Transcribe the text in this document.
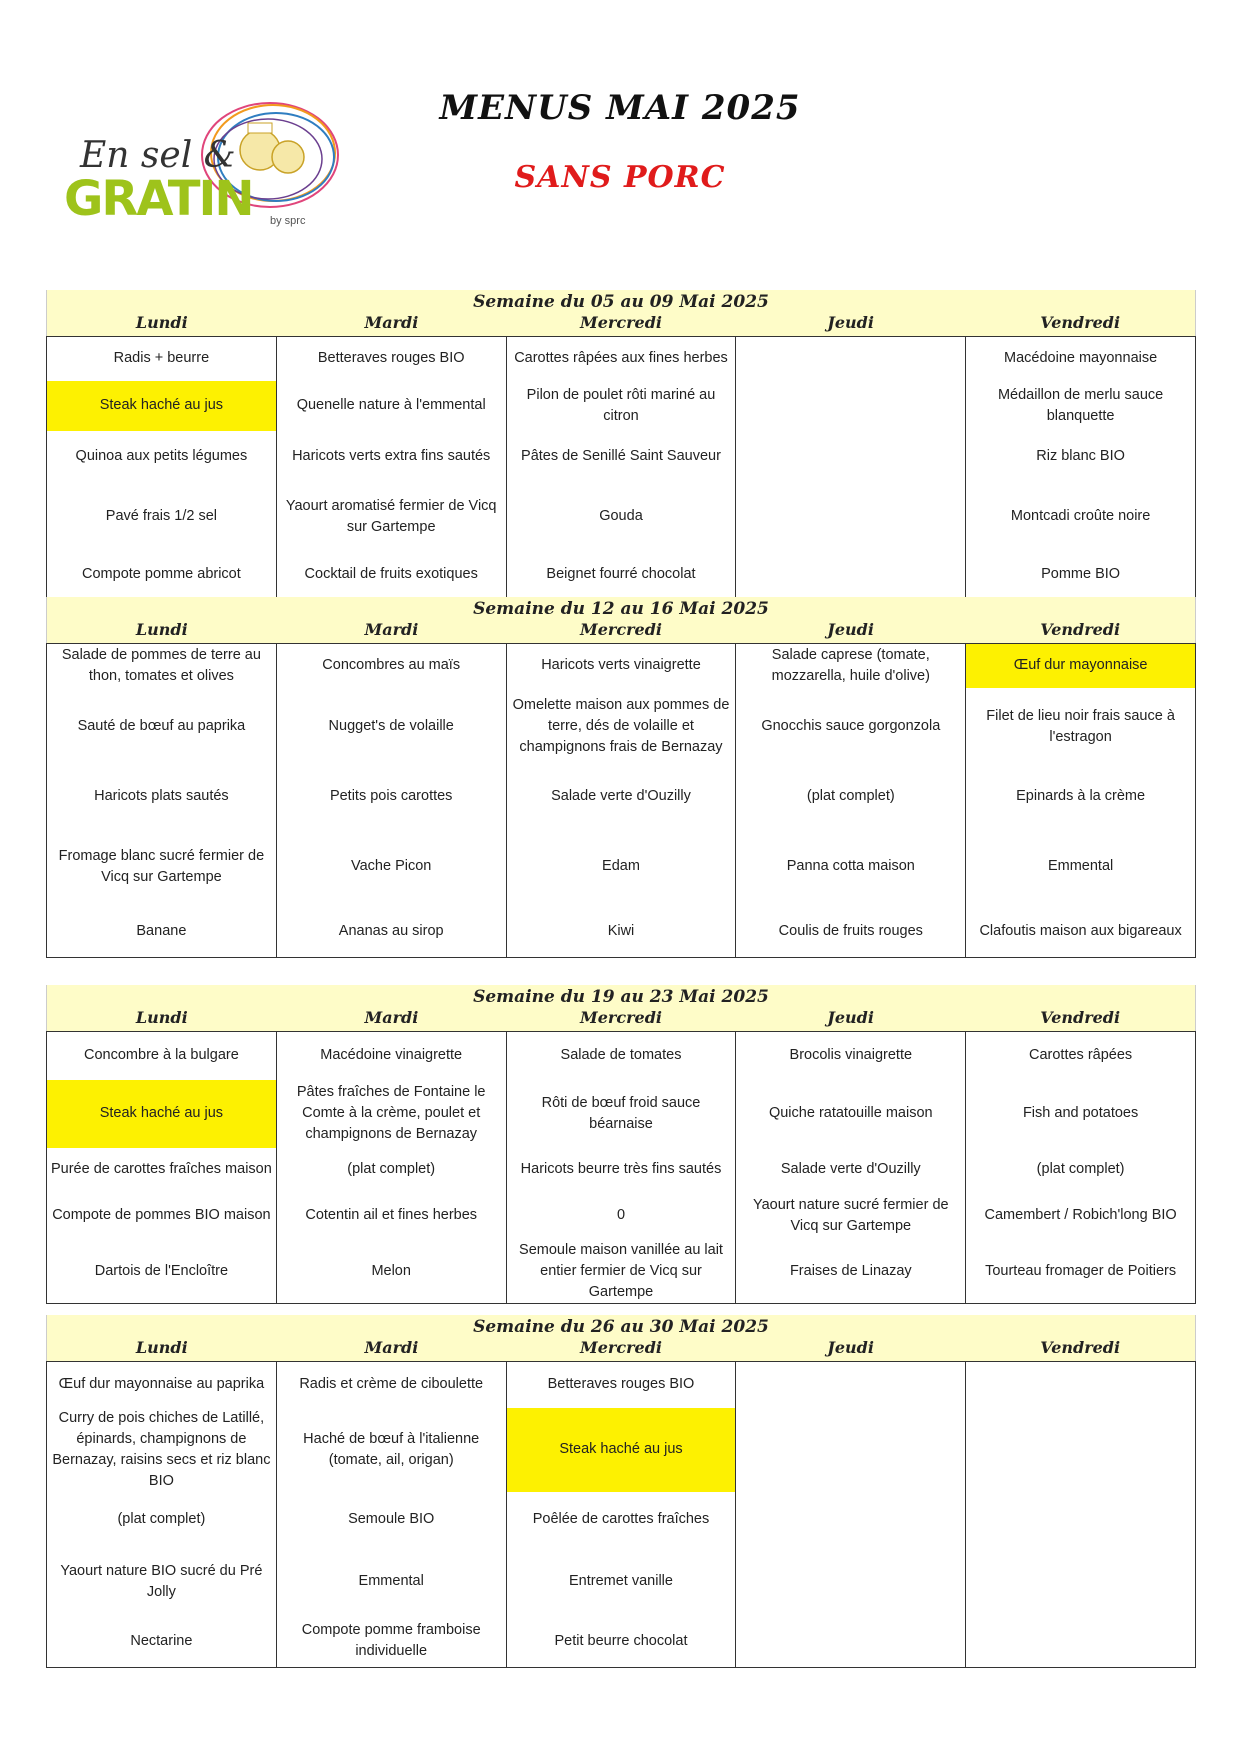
En sel &
GRATIN by sprc
MENUS MAI 2025
SANS PORC
Semaine du 05 au 09 Mai 2025
Lundi	Mardi	Mercredi	Jeudi	Vendredi
Radis + beurre	Betteraves rouges BIO	Carottes râpées aux fines herbes		Macédoine mayonnaise
Steak haché au jus	Quenelle nature à l'emmental	Pilon de poulet rôti mariné au citron		Médaillon de merlu sauce blanquette
Quinoa aux petits légumes	Haricots verts extra fins sautés	Pâtes de Senillé Saint Sauveur		Riz blanc BIO
Pavé frais 1/2 sel	Yaourt aromatisé fermier de Vicq sur Gartempe	Gouda		Montcadi croûte noire
Compote pomme abricot	Cocktail de fruits exotiques	Beignet fourré chocolat		Pomme BIO
Semaine du 12 au 16 Mai 2025
Lundi	Mardi	Mercredi	Jeudi	Vendredi
Salade de pommes de terre au thon, tomates et olives	Concombres au maïs	Haricots verts vinaigrette	Salade caprese (tomate, mozzarella, huile d'olive)	Œuf dur mayonnaise
Sauté de bœuf au paprika	Nugget's de volaille	Omelette maison aux pommes de terre, dés de volaille et champignons frais de Bernazay	Gnocchis sauce gorgonzola	Filet de lieu noir frais sauce à l'estragon
Haricots plats sautés	Petits pois carottes	Salade verte d'Ouzilly	(plat complet)	Epinards à la crème
Fromage blanc sucré fermier de Vicq sur Gartempe	Vache Picon	Edam	Panna cotta maison	Emmental
Banane	Ananas au sirop	Kiwi	Coulis de fruits rouges	Clafoutis maison aux bigareaux
Semaine du 19 au 23 Mai 2025
Lundi	Mardi	Mercredi	Jeudi	Vendredi
Concombre à la bulgare	Macédoine vinaigrette	Salade de tomates	Brocolis vinaigrette	Carottes râpées
Steak haché au jus	Pâtes fraîches de Fontaine le Comte à la crème, poulet et champignons de Bernazay	Rôti de bœuf froid sauce béarnaise	Quiche ratatouille maison	Fish and potatoes
Purée de carottes fraîches maison	(plat complet)	Haricots beurre très fins sautés	Salade verte d'Ouzilly	(plat complet)
Compote de pommes BIO maison	Cotentin ail et fines herbes	0	Yaourt nature sucré fermier de Vicq sur Gartempe	Camembert / Robich'long BIO
Dartois de l'Encloître	Melon	Semoule maison vanillée au lait entier fermier de Vicq sur Gartempe	Fraises de Linazay	Tourteau fromager de Poitiers
Semaine du 26 au 30 Mai 2025
Lundi	Mardi	Mercredi	Jeudi	Vendredi
Œuf dur mayonnaise au paprika	Radis et crème de ciboulette	Betteraves rouges BIO		
Curry de pois chiches de Latillé, épinards, champignons de Bernazay, raisins secs et riz blanc BIO	Haché de bœuf à l'italienne (tomate, ail, origan)	Steak haché au jus		
(plat complet)	Semoule BIO	Poêlée de carottes fraîches		
Yaourt nature BIO sucré du Pré Jolly	Emmental	Entremet vanille		
Nectarine	Compote pomme framboise individuelle	Petit beurre chocolat		
